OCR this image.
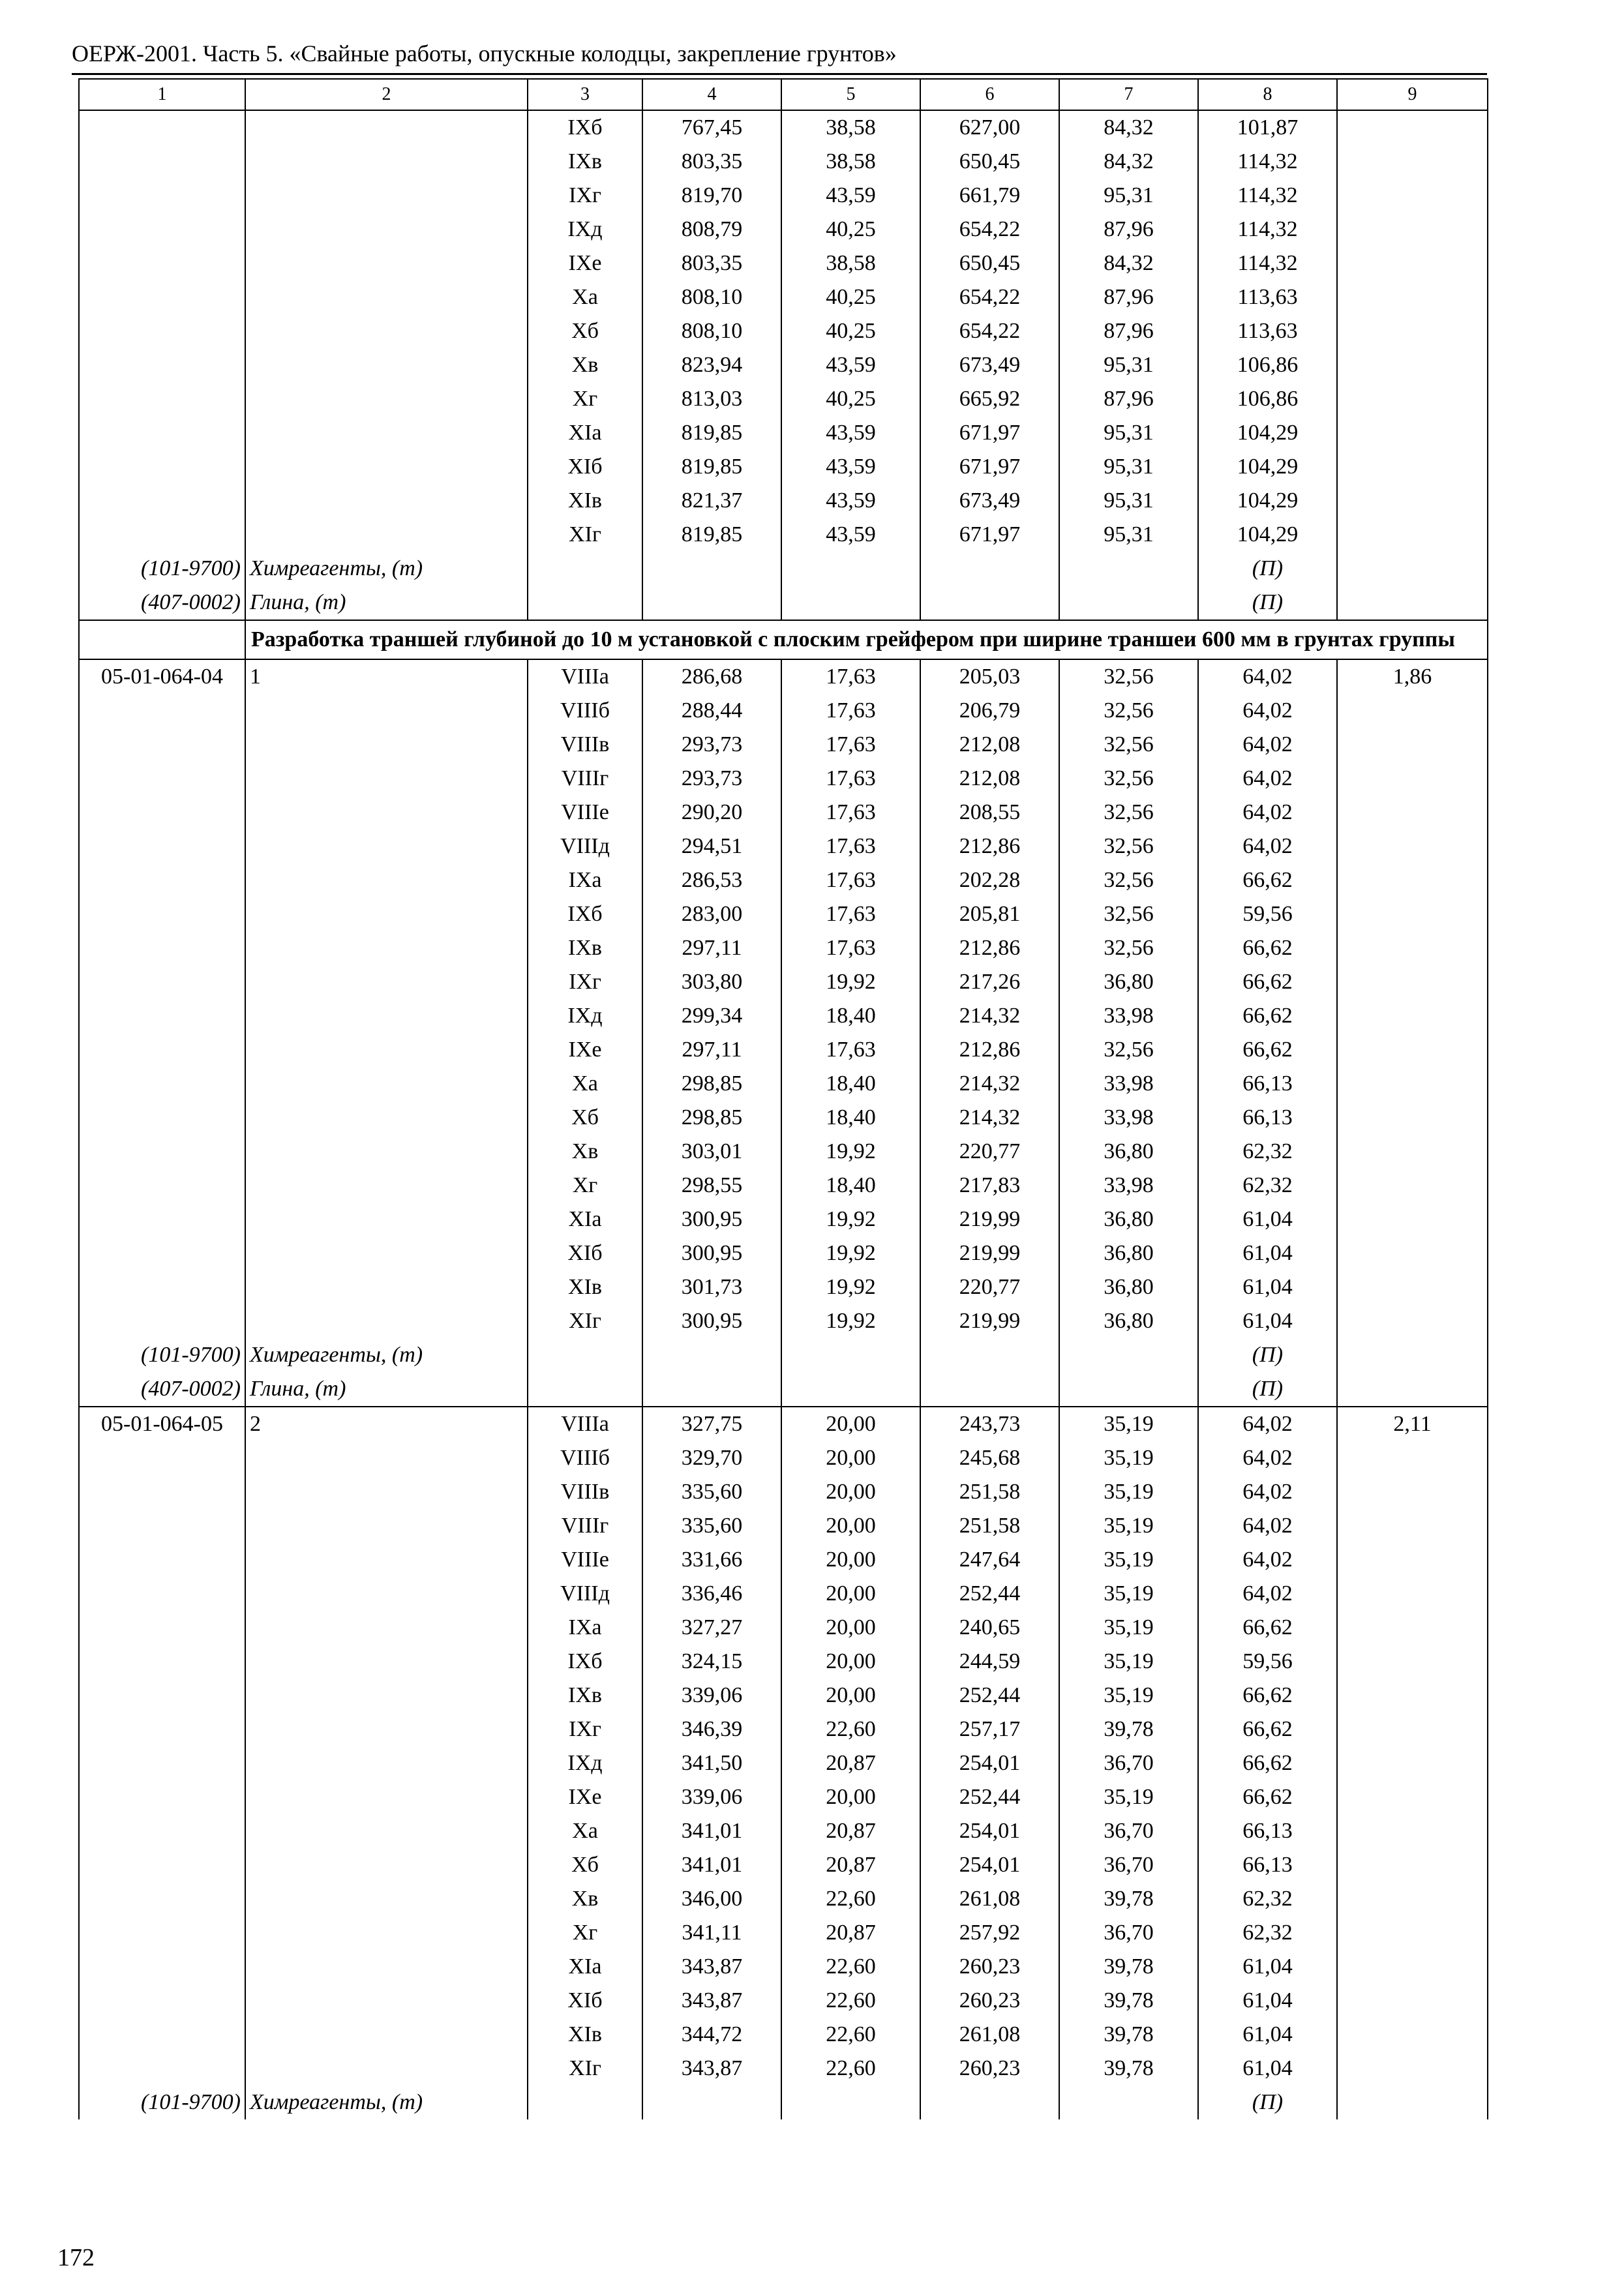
ОЕРЖ-2001. Часть 5. «Свайные работы, опускные колодцы, закрепление грунтов»
1	2	3	4	5	6	7	8	9
		IXб	767,45	38,58	627,00	84,32	101,87	
		IXв	803,35	38,58	650,45	84,32	114,32	
		IXг	819,70	43,59	661,79	95,31	114,32	
		IXд	808,79	40,25	654,22	87,96	114,32	
		IXе	803,35	38,58	650,45	84,32	114,32	
		Xа	808,10	40,25	654,22	87,96	113,63	
		Xб	808,10	40,25	654,22	87,96	113,63	
		Xв	823,94	43,59	673,49	95,31	106,86	
		Xг	813,03	40,25	665,92	87,96	106,86	
		XIа	819,85	43,59	671,97	95,31	104,29	
		XIб	819,85	43,59	671,97	95,31	104,29	
		XIв	821,37	43,59	673,49	95,31	104,29	
		XIг	819,85	43,59	671,97	95,31	104,29	
(101-9700)	Химреагенты, (т)						(П)	
(407-0002)	Глина, (т)						(П)	
	Разработка траншей глубиной до 10 м установкой с плоским грейфером при ширине траншеи 600 мм в грунтах группы							
05-01-064-04	1	VIIIа	286,68	17,63	205,03	32,56	64,02	1,86
		VIIIб	288,44	17,63	206,79	32,56	64,02	
		VIIIв	293,73	17,63	212,08	32,56	64,02	
		VIIIг	293,73	17,63	212,08	32,56	64,02	
		VIIIе	290,20	17,63	208,55	32,56	64,02	
		VIIIд	294,51	17,63	212,86	32,56	64,02	
		IXа	286,53	17,63	202,28	32,56	66,62	
		IXб	283,00	17,63	205,81	32,56	59,56	
		IXв	297,11	17,63	212,86	32,56	66,62	
		IXг	303,80	19,92	217,26	36,80	66,62	
		IXд	299,34	18,40	214,32	33,98	66,62	
		IXе	297,11	17,63	212,86	32,56	66,62	
		Xа	298,85	18,40	214,32	33,98	66,13	
		Xб	298,85	18,40	214,32	33,98	66,13	
		Xв	303,01	19,92	220,77	36,80	62,32	
		Xг	298,55	18,40	217,83	33,98	62,32	
		XIа	300,95	19,92	219,99	36,80	61,04	
		XIб	300,95	19,92	219,99	36,80	61,04	
		XIв	301,73	19,92	220,77	36,80	61,04	
		XIг	300,95	19,92	219,99	36,80	61,04	
(101-9700)	Химреагенты, (т)						(П)	
(407-0002)	Глина, (т)						(П)	
05-01-064-05	2	VIIIа	327,75	20,00	243,73	35,19	64,02	2,11
		VIIIб	329,70	20,00	245,68	35,19	64,02	
		VIIIв	335,60	20,00	251,58	35,19	64,02	
		VIIIг	335,60	20,00	251,58	35,19	64,02	
		VIIIе	331,66	20,00	247,64	35,19	64,02	
		VIIIд	336,46	20,00	252,44	35,19	64,02	
		IXа	327,27	20,00	240,65	35,19	66,62	
		IXб	324,15	20,00	244,59	35,19	59,56	
		IXв	339,06	20,00	252,44	35,19	66,62	
		IXг	346,39	22,60	257,17	39,78	66,62	
		IXд	341,50	20,87	254,01	36,70	66,62	
		IXе	339,06	20,00	252,44	35,19	66,62	
		Xа	341,01	20,87	254,01	36,70	66,13	
		Xб	341,01	20,87	254,01	36,70	66,13	
		Xв	346,00	22,60	261,08	39,78	62,32	
		Xг	341,11	20,87	257,92	36,70	62,32	
		XIа	343,87	22,60	260,23	39,78	61,04	
		XIб	343,87	22,60	260,23	39,78	61,04	
		XIв	344,72	22,60	261,08	39,78	61,04	
		XIг	343,87	22,60	260,23	39,78	61,04	
(101-9700)	Химреагенты, (т)						(П)	
172
